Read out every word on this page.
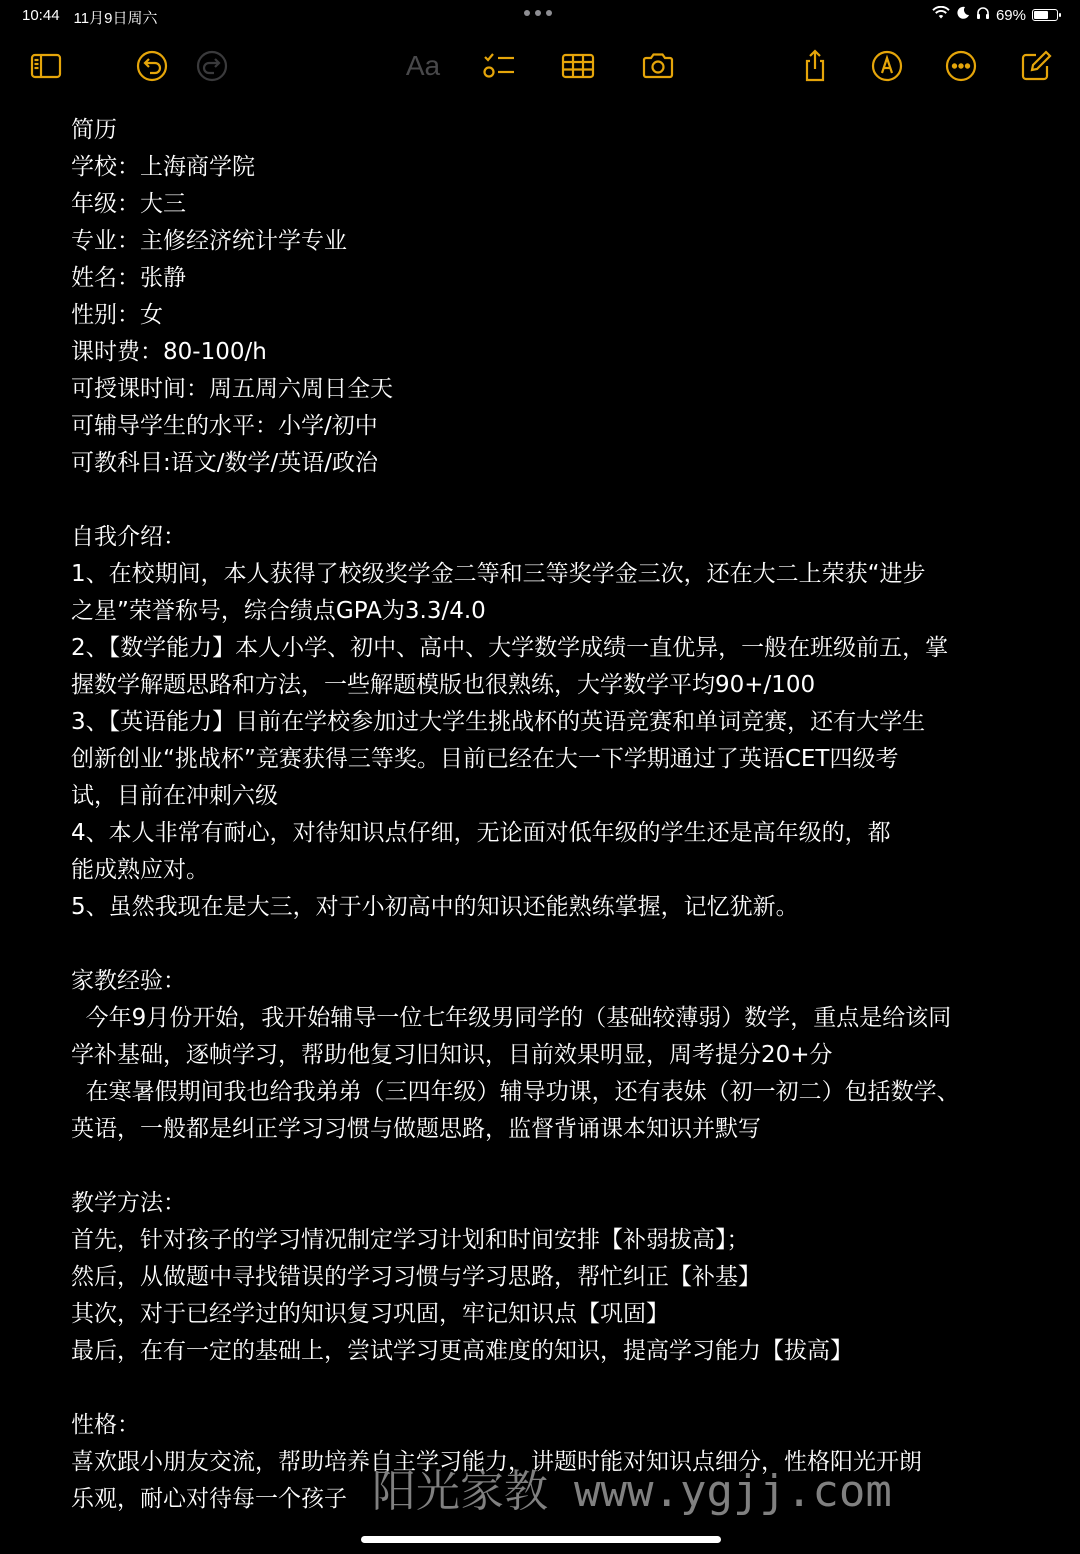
10:44 11月9日周六	69%
Aa
简历
学校：上海商学院
年级：大三
专业：主修经济统计学专业
姓名：张静
性别：女
课时费：80-100/h
可授课时间：周五周六周日全天
可辅导学生的水平：小学/初中
可教科目:语文/数学/英语/政治
自我介绍：
1、在校期间，本人获得了校级奖学金二等和三等奖学金三次，还在大二上荣获“进步
之星”荣誉称号，综合绩点GPA为3.3/4.0
2、【数学能力】本人小学、初中、高中、大学数学成绩一直优异，一般在班级前五，掌
握数学解题思路和方法，一些解题模版也很熟练，大学数学平均90+/100
3、【英语能力】目前在学校参加过大学生挑战杯的英语竞赛和单词竞赛，还有大学生
创新创业“挑战杯”竞赛获得三等奖。目前已经在大一下学期通过了英语CET四级考
试，目前在冲刺六级
4、本人非常有耐心，对待知识点仔细，无论面对低年级的学生还是高年级的，都
能成熟应对。
5、虽然我现在是大三，对于小初高中的知识还能熟练掌握，记忆犹新。
家教经验：
今年9月份开始，我开始辅导一位七年级男同学的（基础较薄弱）数学，重点是给该同
学补基础，逐帧学习，帮助他复习旧知识，目前效果明显，周考提分20+分
在寒暑假期间我也给我弟弟（三四年级）辅导功课，还有表妹（初一初二）包括数学、
英语，一般都是纠正学习习惯与做题思路，监督背诵课本知识并默写
教学方法：
首先，针对孩子的学习情况制定学习计划和时间安排【补弱拔高】；
然后，从做题中寻找错误的学习习惯与学习思路，帮忙纠正【补基】
其次，对于已经学过的知识复习巩固，牢记知识点【巩固】
最后，在有一定的基础上，尝试学习更高难度的知识，提高学习能力【拔高】
性格：
喜欢跟小朋友交流，帮助培养自主学习能力，讲题时能对知识点细分，性格阳光开朗
乐观，耐心对待每一个孩子 阳光家教 www.ygjj.com
